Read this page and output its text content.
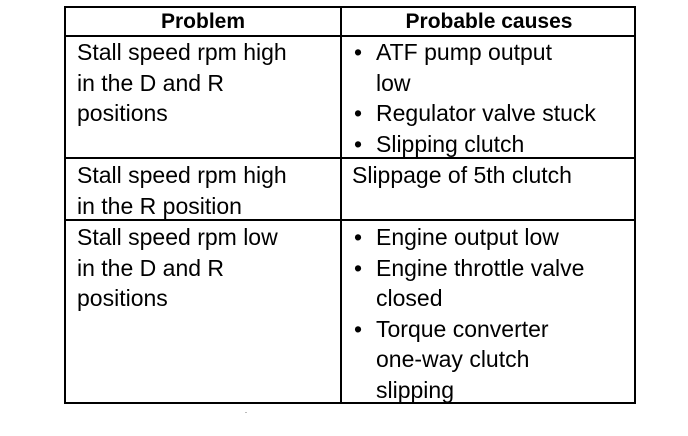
Problem	Probable causes
Stall speed rpm high
in the D and R
positions
• ATF pump output
low
• Regulator valve stuck
• Slipping clutch
Stall speed rpm high
in the R position
Slippage of 5th clutch
Stall speed rpm low
in the D and R
positions
• Engine output low
• Engine throttle valve
closed
• Torque converter
one-way clutch
slipping
